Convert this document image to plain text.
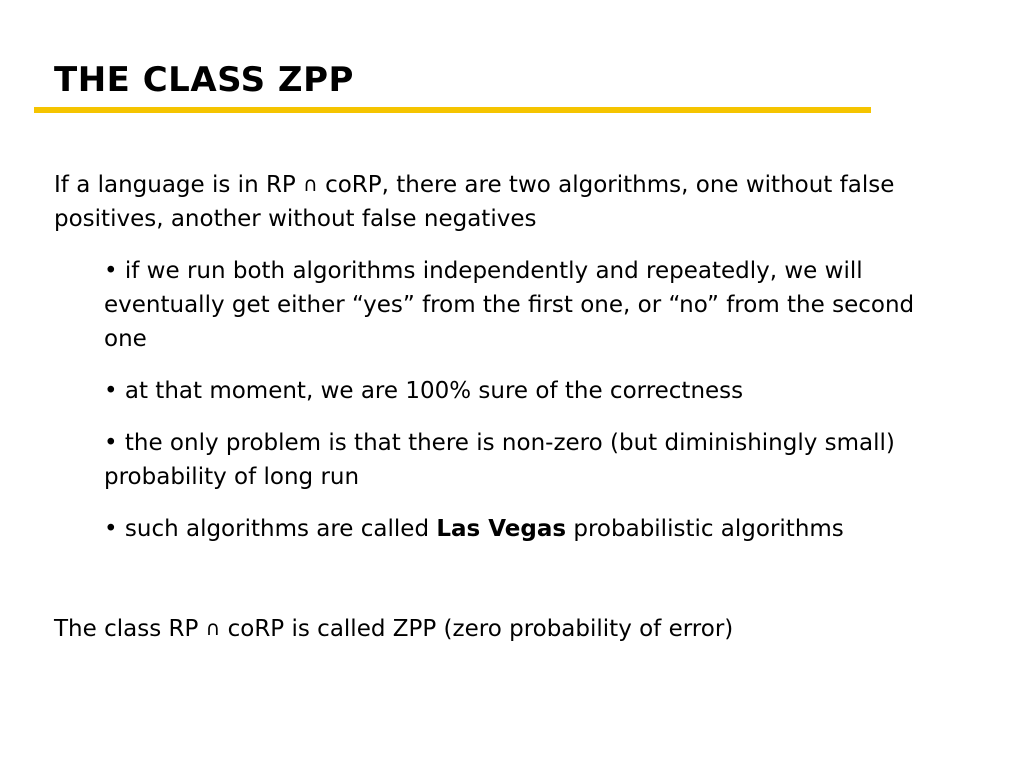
THE CLASS ZPP

If a language is in RP ∩ coRP, there are two algorithms, one without false positives, another without false negatives

• if we run both algorithms independently and repeatedly, we will eventually get either “yes” from the first one, or “no” from the second one
• at that moment, we are 100% sure of the correctness
• the only problem is that there is non-zero (but diminishingly small) probability of long run
• such algorithms are called Las Vegas probabilistic algorithms

The class RP ∩ coRP is called ZPP (zero probability of error)
